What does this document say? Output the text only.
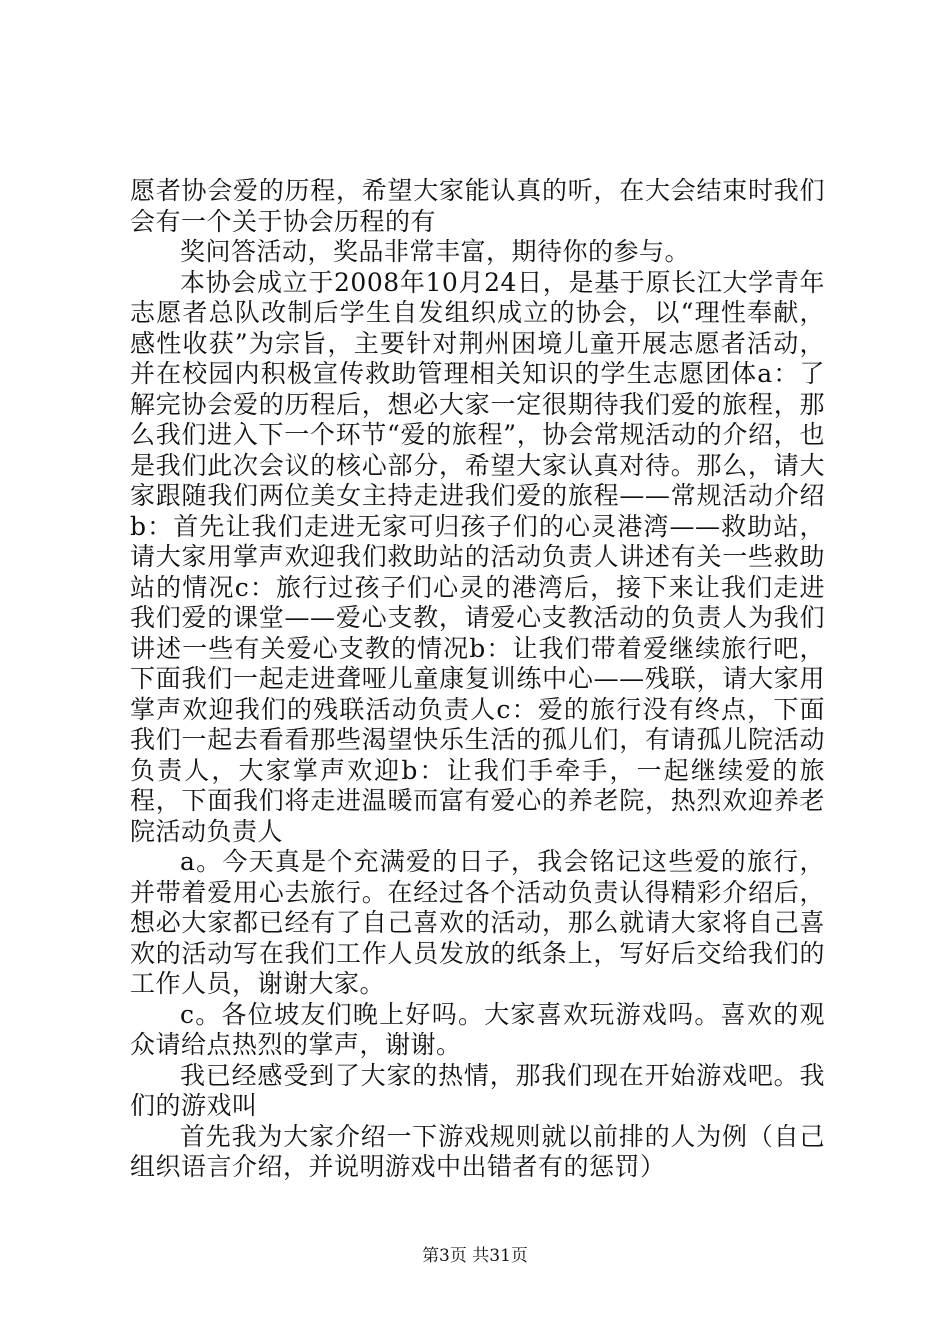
愿者协会爱的历程，希望大家能认真的听，在大会结束时我们会有一个关于协会历程的有

奖问答活动，奖品非常丰富，期待你的参与。

本协会成立于2008年10月24日，是基于原长江大学青年志愿者总队改制后学生自发组织成立的协会，以“理性奉献，感性收获”为宗旨，主要针对荆州困境儿童开展志愿者活动，并在校园内积极宣传救助管理相关知识的学生志愿团体a：了解完协会爱的历程后，想必大家一定很期待我们爱的旅程，那么我们进入下一个环节“爱的旅程”，协会常规活动的介绍，也是我们此次会议的核心部分，希望大家认真对待。那么，请大家跟随我们两位美女主持走进我们爱的旅程——常规活动介绍b：首先让我们走进无家可归孩子们的心灵港湾——救助站，请大家用掌声欢迎我们救助站的活动负责人讲述有关一些救助站的情况c：旅行过孩子们心灵的港湾后，接下来让我们走进我们爱的课堂——爱心支教，请爱心支教活动的负责人为我们讲述一些有关爱心支教的情况b：让我们带着爱继续旅行吧，下面我们一起走进聋哑儿童康复训练中心——残联，请大家用掌声欢迎我们的残联活动负责人c：爱的旅行没有终点，下面我们一起去看看那些渴望快乐生活的孤儿们，有请孤儿院活动负责人，大家掌声欢迎b：让我们手牵手，一起继续爱的旅程，下面我们将走进温暖而富有爱心的养老院，热烈欢迎养老院活动负责人

a。今天真是个充满爱的日子，我会铭记这些爱的旅行，并带着爱用心去旅行。在经过各个活动负责认得精彩介绍后，想必大家都已经有了自己喜欢的活动，那么就请大家将自己喜欢的活动写在我们工作人员发放的纸条上，写好后交给我们的工作人员，谢谢大家。

c。各位坡友们晚上好吗。大家喜欢玩游戏吗。喜欢的观众请给点热烈的掌声，谢谢。

我已经感受到了大家的热情，那我们现在开始游戏吧。我们的游戏叫

首先我为大家介绍一下游戏规则就以前排的人为例（自己组织语言介绍，并说明游戏中出错者有的惩罚）

第3页 共31页
